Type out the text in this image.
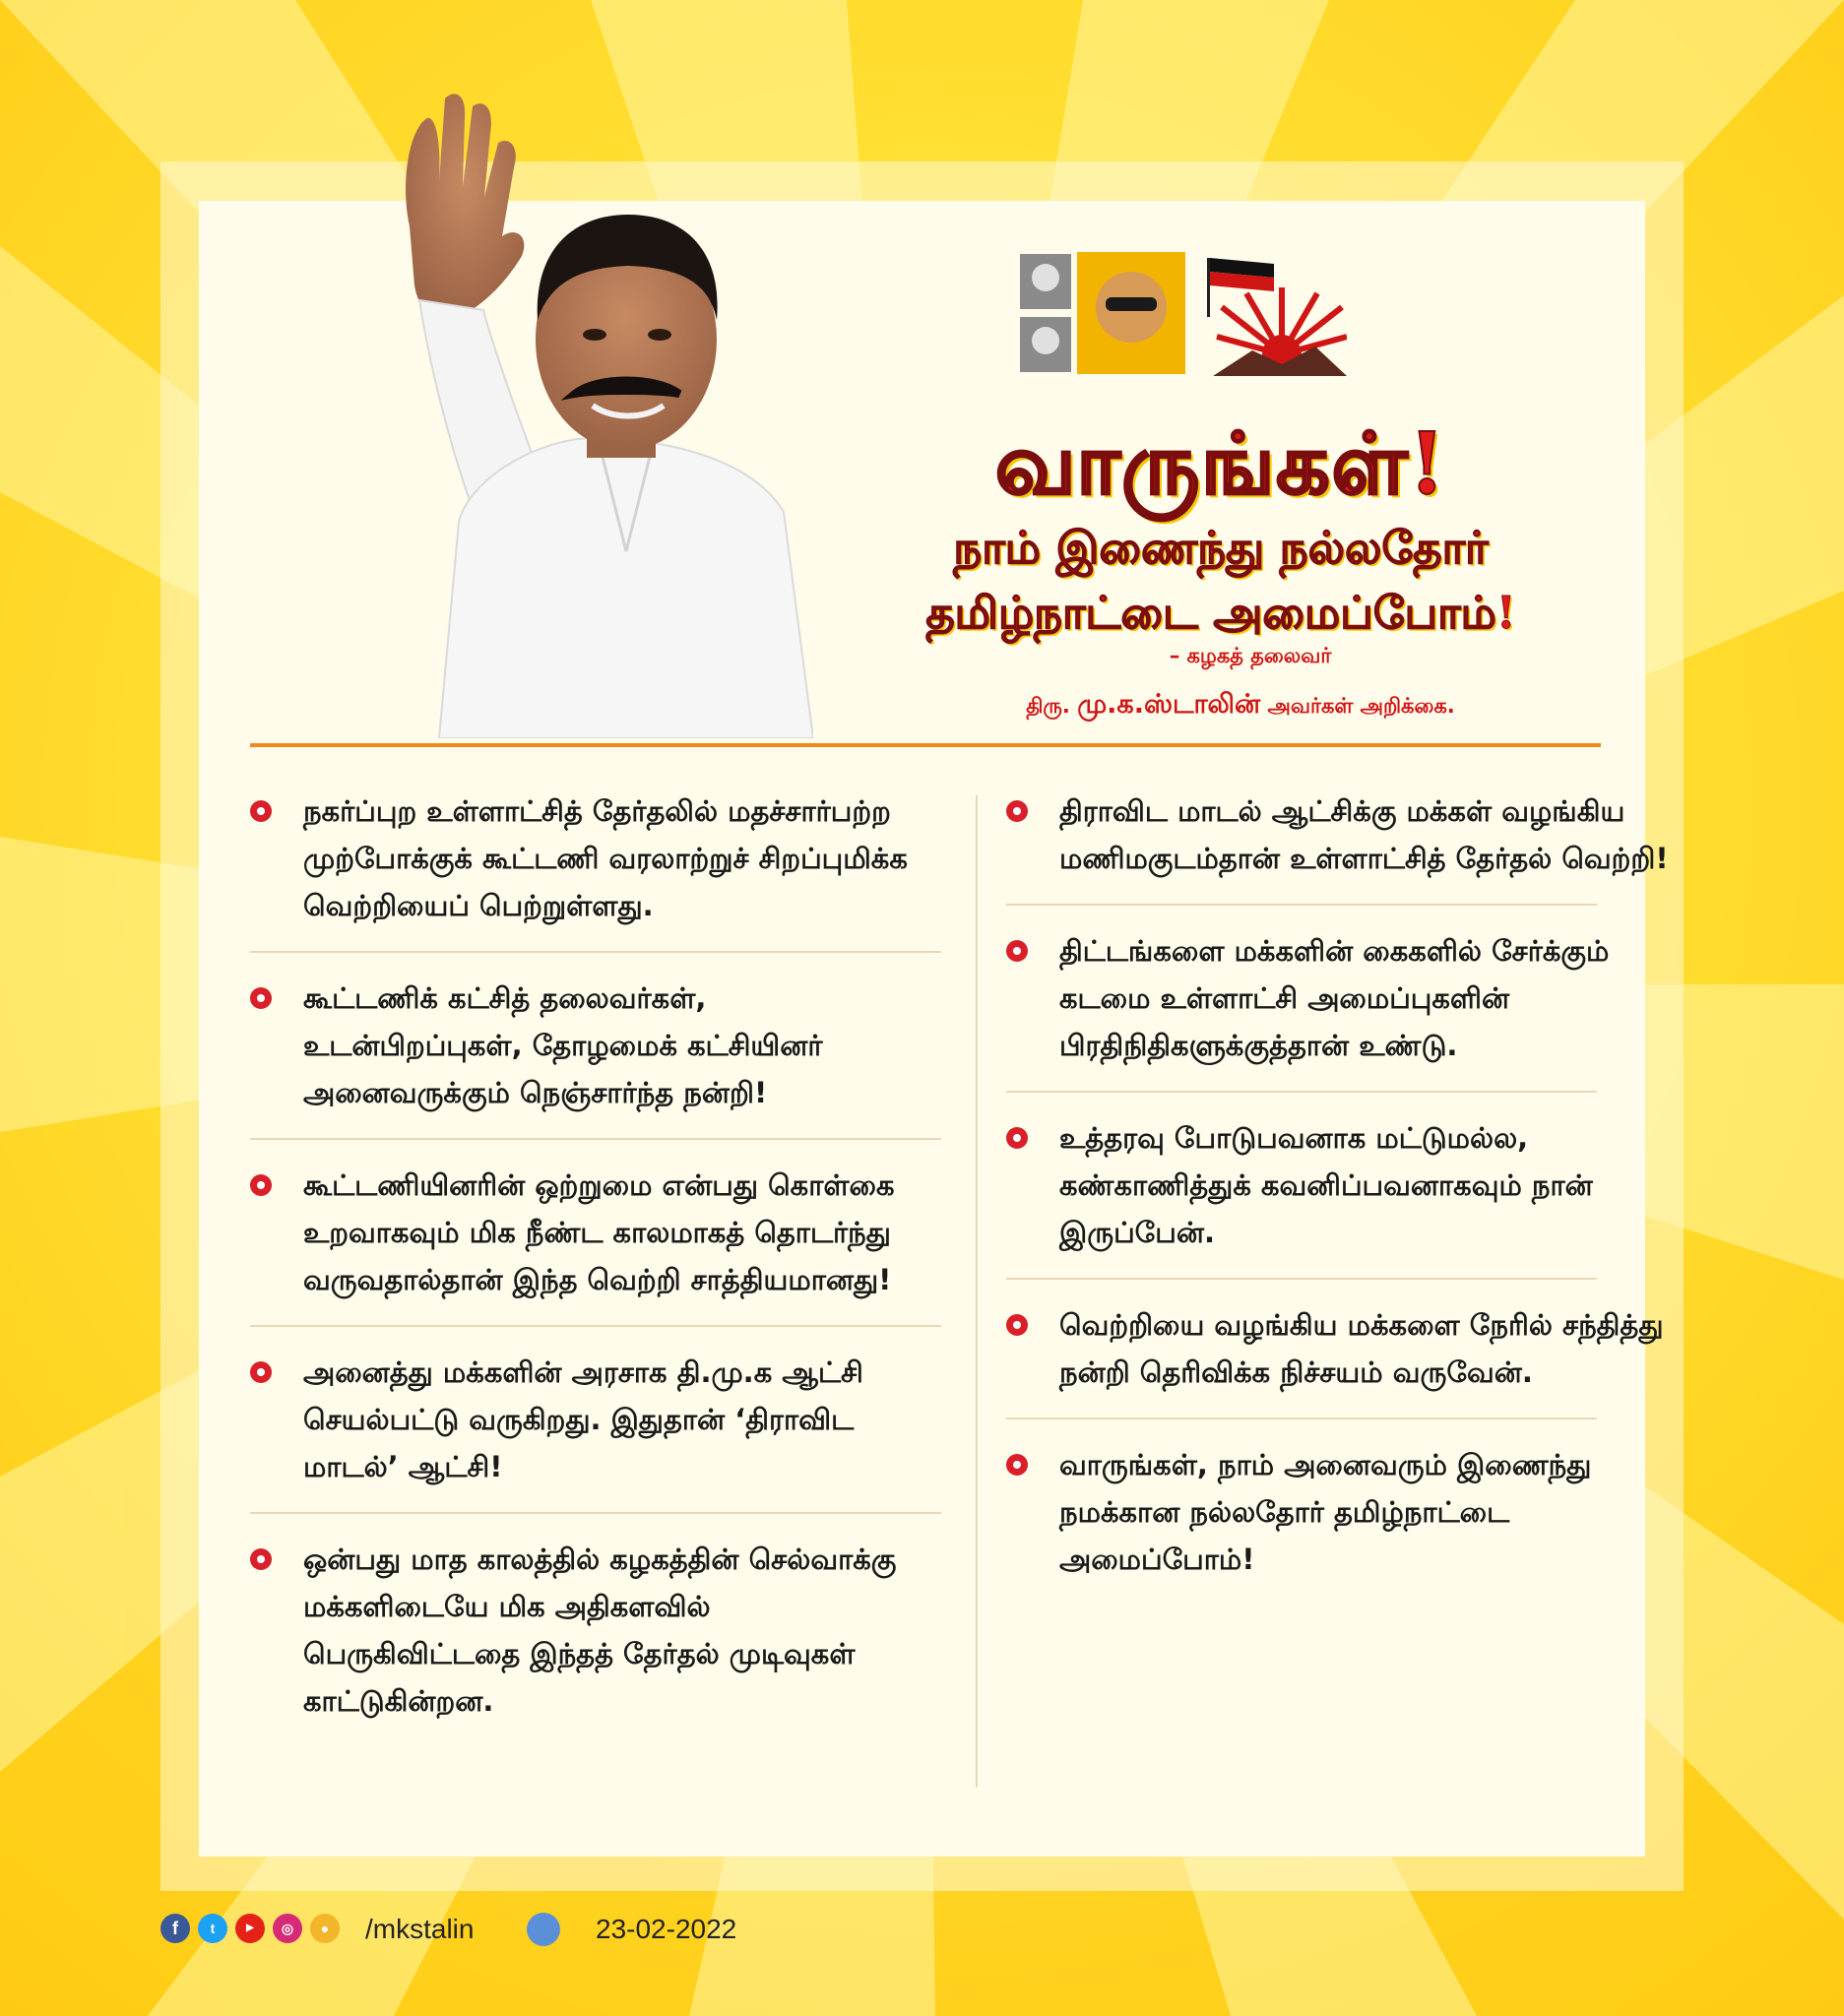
வாருங்கள்!
நாம் இணைந்து நல்லதோர்
தமிழ்நாட்டை அமைப்போம்!
– கழகத் தலைவர்
திரு. மு.க.ஸ்டாலின் அவர்கள் அறிக்கை.
நகர்ப்புற உள்ளாட்சித் தேர்தலில் மதச்சார்பற்ற முற்போக்குக் கூட்டணி வரலாற்றுச் சிறப்புமிக்க வெற்றியைப் பெற்றுள்ளது.
கூட்டணிக் கட்சித் தலைவர்கள், உடன்பிறப்புகள், தோழமைக் கட்சியினர் அனைவருக்கும் நெஞ்சார்ந்த நன்றி!
கூட்டணியினரின் ஒற்றுமை என்பது கொள்கை உறவாகவும் மிக நீண்ட காலமாகத் தொடர்ந்து வருவதால்தான் இந்த வெற்றி சாத்தியமானது!
அனைத்து மக்களின் அரசாக தி.மு.க ஆட்சி செயல்பட்டு வருகிறது. இதுதான் ‘திராவிட மாடல்’ ஆட்சி!
ஒன்பது மாத காலத்தில் கழகத்தின் செல்வாக்கு மக்களிடையே மிக அதிகளவில் பெருகிவிட்டதை இந்தத் தேர்தல் முடிவுகள் காட்டுகின்றன.
திராவிட மாடல் ஆட்சிக்கு மக்கள் வழங்கிய மணிமகுடம்தான் உள்ளாட்சித் தேர்தல் வெற்றி!
திட்டங்களை மக்களின் கைகளில் சேர்க்கும் கடமை உள்ளாட்சி அமைப்புகளின் பிரதிநிதிகளுக்குத்தான் உண்டு.
உத்தரவு போடுபவனாக மட்டுமல்ல, கண்காணித்துக் கவனிப்பவனாகவும் நான் இருப்பேன்.
வெற்றியை வழங்கிய மக்களை நேரில் சந்தித்து நன்றி தெரிவிக்க நிச்சயம் வருவேன்.
வாருங்கள், நாம் அனைவரும் இணைந்து நமக்கான நல்லதோர் தமிழ்நாட்டை அமைப்போம்!
f	t	▶	◎	●	/mkstalin	23-02-2022
